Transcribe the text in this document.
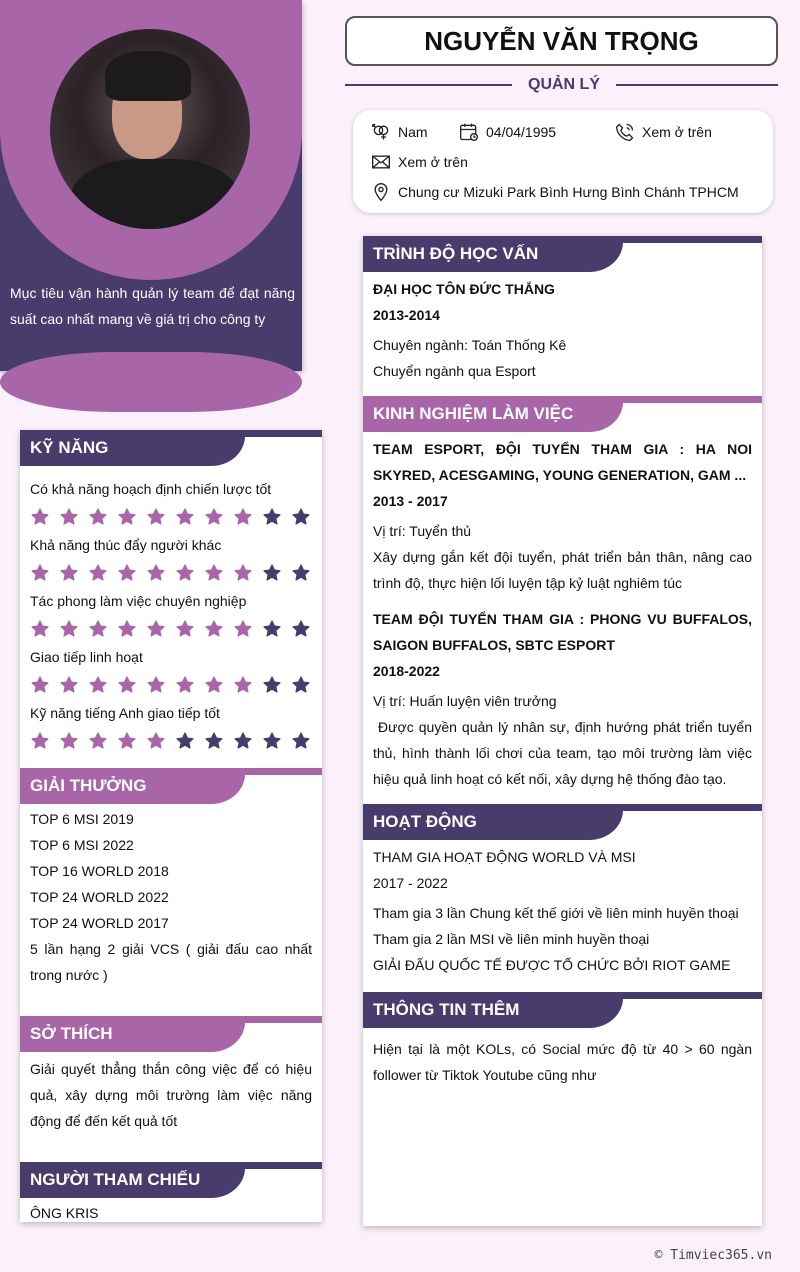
Mục tiêu vận hành quản lý team để đạt năng suất cao nhất mang về giá trị cho công ty
NGUYỄN VĂN TRỌNG
QUẢN LÝ
Nam	04/04/1995	Xem ở trên
Xem ở trên
Chung cư Mizuki Park Bình Hưng Bình Chánh TPHCM
KỸ NĂNG
Có khả năng hoạch định chiến lược tốt
Khả năng thúc đẩy người khác
Tác phong làm việc chuyên nghiệp
Giao tiếp linh hoạt
Kỹ năng tiếng Anh giao tiếp tốt
GIẢI THƯỞNG
TOP 6 MSI 2019
TOP 6 MSI 2022
TOP 16 WORLD 2018
TOP 24 WORLD 2022
TOP 24 WORLD 2017
5 lần hạng 2 giải VCS ( giải đấu cao nhất trong nước )
SỞ THÍCH
Giải quyết thẳng thắn công việc để có hiệu quả, xây dựng môi trường làm việc năng động để đến kết quả tốt
NGƯỜI THAM CHIẾU
ÔNG KRIS
TRÌNH ĐỘ HỌC VẤN
ĐẠI HỌC TÔN ĐỨC THẮNG
2013-2014
Chuyên ngành: Toán Thống Kê
Chuyển ngành qua Esport
KINH NGHIỆM LÀM VIỆC
TEAM ESPORT, ĐỘI TUYỂN THAM GIA : HA NOI SKYRED, ACESGAMING, YOUNG GENERATION, GAM ...
2013 - 2017
Vị trí: Tuyển thủ
Xây dựng gắn kết đội tuyển, phát triển bản thân, nâng cao trình độ, thực hiện lối luyện tập kỷ luật nghiêm túc
TEAM ĐỘI TUYỂN THAM GIA : PHONG VU BUFFALOS, SAIGON BUFFALOS, SBTC ESPORT
2018-2022
Vị trí: Huấn luyện viên trưởng
Được quyền quản lý nhân sự, định hướng phát triển tuyển thủ, hình thành lối chơi của team, tạo môi trường làm việc hiệu quả linh hoạt có kết nối, xây dựng hệ thống đào tạo.
HOẠT ĐỘNG
THAM GIA HOẠT ĐỘNG WORLD VÀ MSI
2017 - 2022
Tham gia 3 lần Chung kết thế giới về liên minh huyền thoại
Tham gia 2 lần MSI về liên minh huyền thoại
GIẢI ĐẤU QUỐC TẾ ĐƯỢC TỔ CHỨC BỞI RIOT GAME
THÔNG TIN THÊM
Hiện tại là một KOLs, có Social mức độ từ 40 > 60 ngàn follower từ Tiktok Youtube cũng như
© Timviec365.vn
